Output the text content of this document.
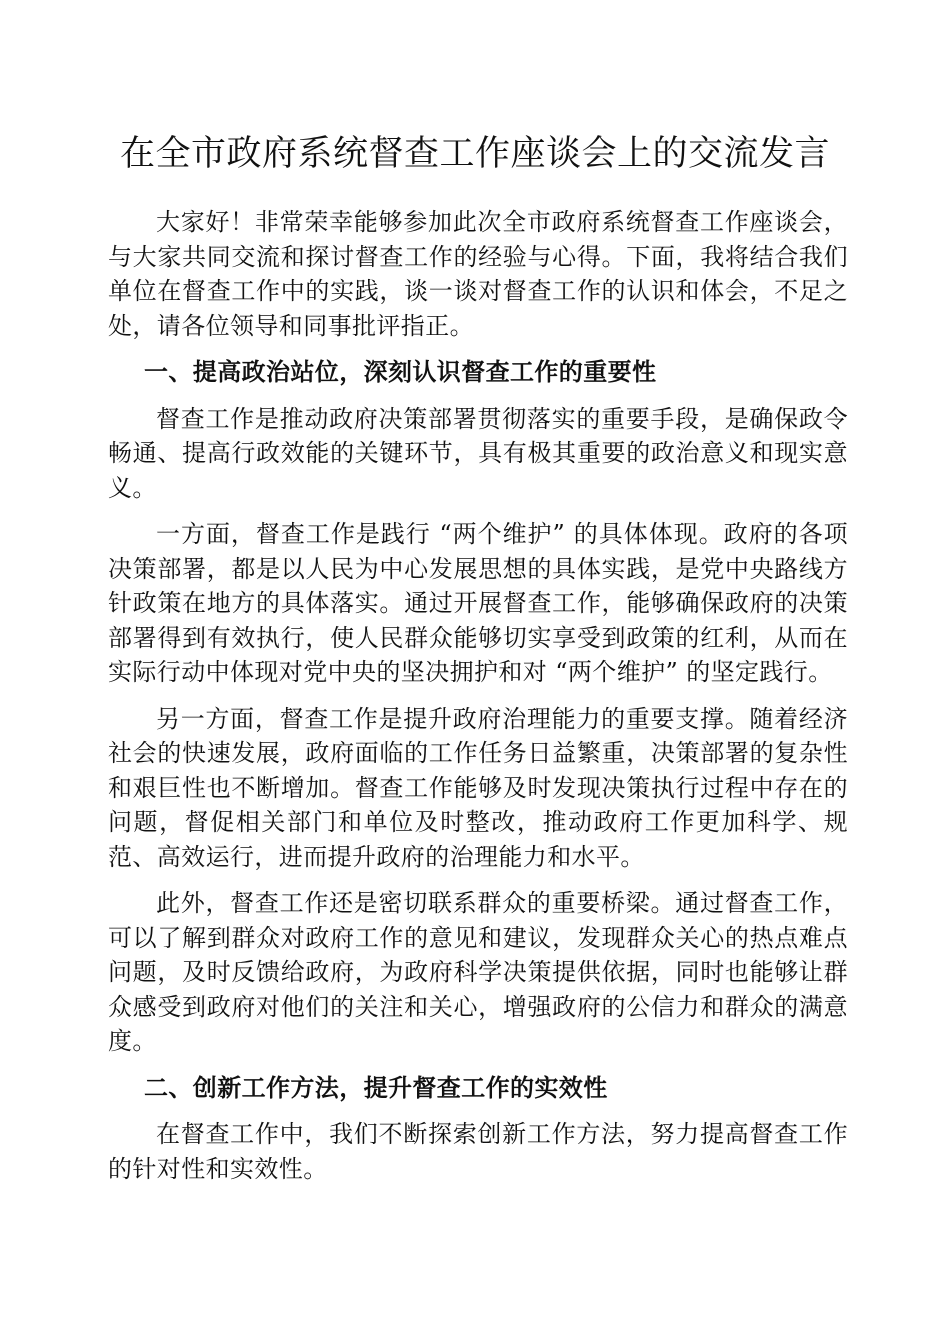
在全市政府系统督查工作座谈会上的交流发言

大家好！非常荣幸能够参加此次全市政府系统督查工作座谈会，与大家共同交流和探讨督查工作的经验与心得。下面，我将结合我们单位在督查工作中的实践，谈一谈对督查工作的认识和体会，不足之处，请各位领导和同事批评指正。

一、提高政治站位，深刻认识督查工作的重要性

督查工作是推动政府决策部署贯彻落实的重要手段，是确保政令畅通、提高行政效能的关键环节，具有极其重要的政治意义和现实意义。

一方面，督查工作是践行 “两个维护” 的具体体现。政府的各项决策部署，都是以人民为中心发展思想的具体实践，是党中央路线方针政策在地方的具体落实。通过开展督查工作，能够确保政府的决策部署得到有效执行，使人民群众能够切实享受到政策的红利，从而在实际行动中体现对党中央的坚决拥护和对 “两个维护” 的坚定践行。

另一方面，督查工作是提升政府治理能力的重要支撑。随着经济社会的快速发展，政府面临的工作任务日益繁重，决策部署的复杂性和艰巨性也不断增加。督查工作能够及时发现决策执行过程中存在的问题，督促相关部门和单位及时整改，推动政府工作更加科学、规范、高效运行，进而提升政府的治理能力和水平。

此外，督查工作还是密切联系群众的重要桥梁。通过督查工作，可以了解到群众对政府工作的意见和建议，发现群众关心的热点难点问题，及时反馈给政府，为政府科学决策提供依据，同时也能够让群众感受到政府对他们的关注和关心，增强政府的公信力和群众的满意度。

二、创新工作方法，提升督查工作的实效性

在督查工作中，我们不断探索创新工作方法，努力提高督查工作的针对性和实效性。
